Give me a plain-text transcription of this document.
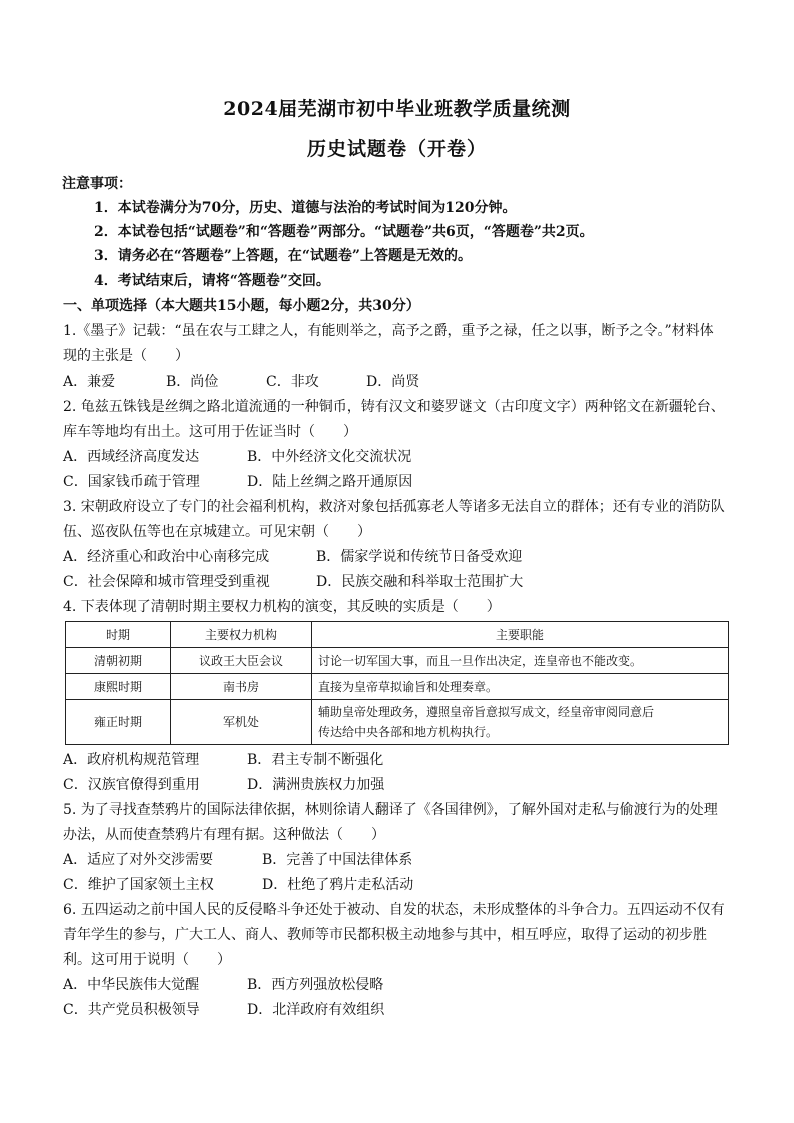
2024届芜湖市初中毕业班教学质量统测
历史试题卷（开卷）
注意事项：
1．本试卷满分为70分，历史、道德与法治的考试时间为120分钟。
2．本试卷包括“试题卷”和“答题卷”两部分。“试题卷”共6页，“答题卷”共2页。
3．请务必在“答题卷”上答题，在“试题卷”上答题是无效的。
4．考试结束后，请将“答题卷”交回。
一、单项选择（本大题共15小题，每小题2分，共30分）
1.《墨子》记载：“虽在农与工肆之人，有能则举之，高予之爵，重予之禄，任之以事，断予之令。”材料体
现的主张是（　　）
A．兼爱	B．尚俭	C．非攻	D．尚贤
2. 龟兹五铢钱是丝绸之路北道流通的一种铜币，铸有汉文和婆罗谜文（古印度文字）两种铭文在新疆轮台、
库车等地均有出土。这可用于佐证当时（　　）
A．西域经济高度发达	B．中外经济文化交流状况
C．国家钱币疏于管理	D．陆上丝绸之路开通原因
3. 宋朝政府设立了专门的社会福利机构，救济对象包括孤寡老人等诸多无法自立的群体；还有专业的消防队
伍、巡夜队伍等也在京城建立。可见宋朝（　　）
A．经济重心和政治中心南移完成	B．儒家学说和传统节日备受欢迎
C．社会保障和城市管理受到重视	D．民族交融和科举取士范围扩大
4. 下表体现了清朝时期主要权力机构的演变，其反映的实质是（　　）
时期	主要权力机构	主要职能
清朝初期	议政王大臣会议	讨论一切军国大事，而且一旦作出决定，连皇帝也不能改变。
康熙时期	南书房	直接为皇帝草拟谕旨和处理奏章。
雍正时期	军机处	辅助皇帝处理政务，遵照皇帝旨意拟写成文，经皇帝审阅同意后
传达给中央各部和地方机构执行。
A．政府机构规范管理	B．君主专制不断强化
C．汉族官僚得到重用	D．满洲贵族权力加强
5. 为了寻找查禁鸦片的国际法律依据，林则徐请人翻译了《各国律例》，了解外国对走私与偷渡行为的处理
办法，从而使查禁鸦片有理有据。这种做法（　　）
A．适应了对外交涉需要	B．完善了中国法律体系
C．维护了国家领土主权	D．杜绝了鸦片走私活动
6. 五四运动之前中国人民的反侵略斗争还处于被动、自发的状态，未形成整体的斗争合力。五四运动不仅有
青年学生的参与，广大工人、商人、教师等市民都积极主动地参与其中，相互呼应，取得了运动的初步胜
利。这可用于说明（　　）
A．中华民族伟大觉醒	B．西方列强放松侵略
C．共产党员积极领导	D．北洋政府有效组织
